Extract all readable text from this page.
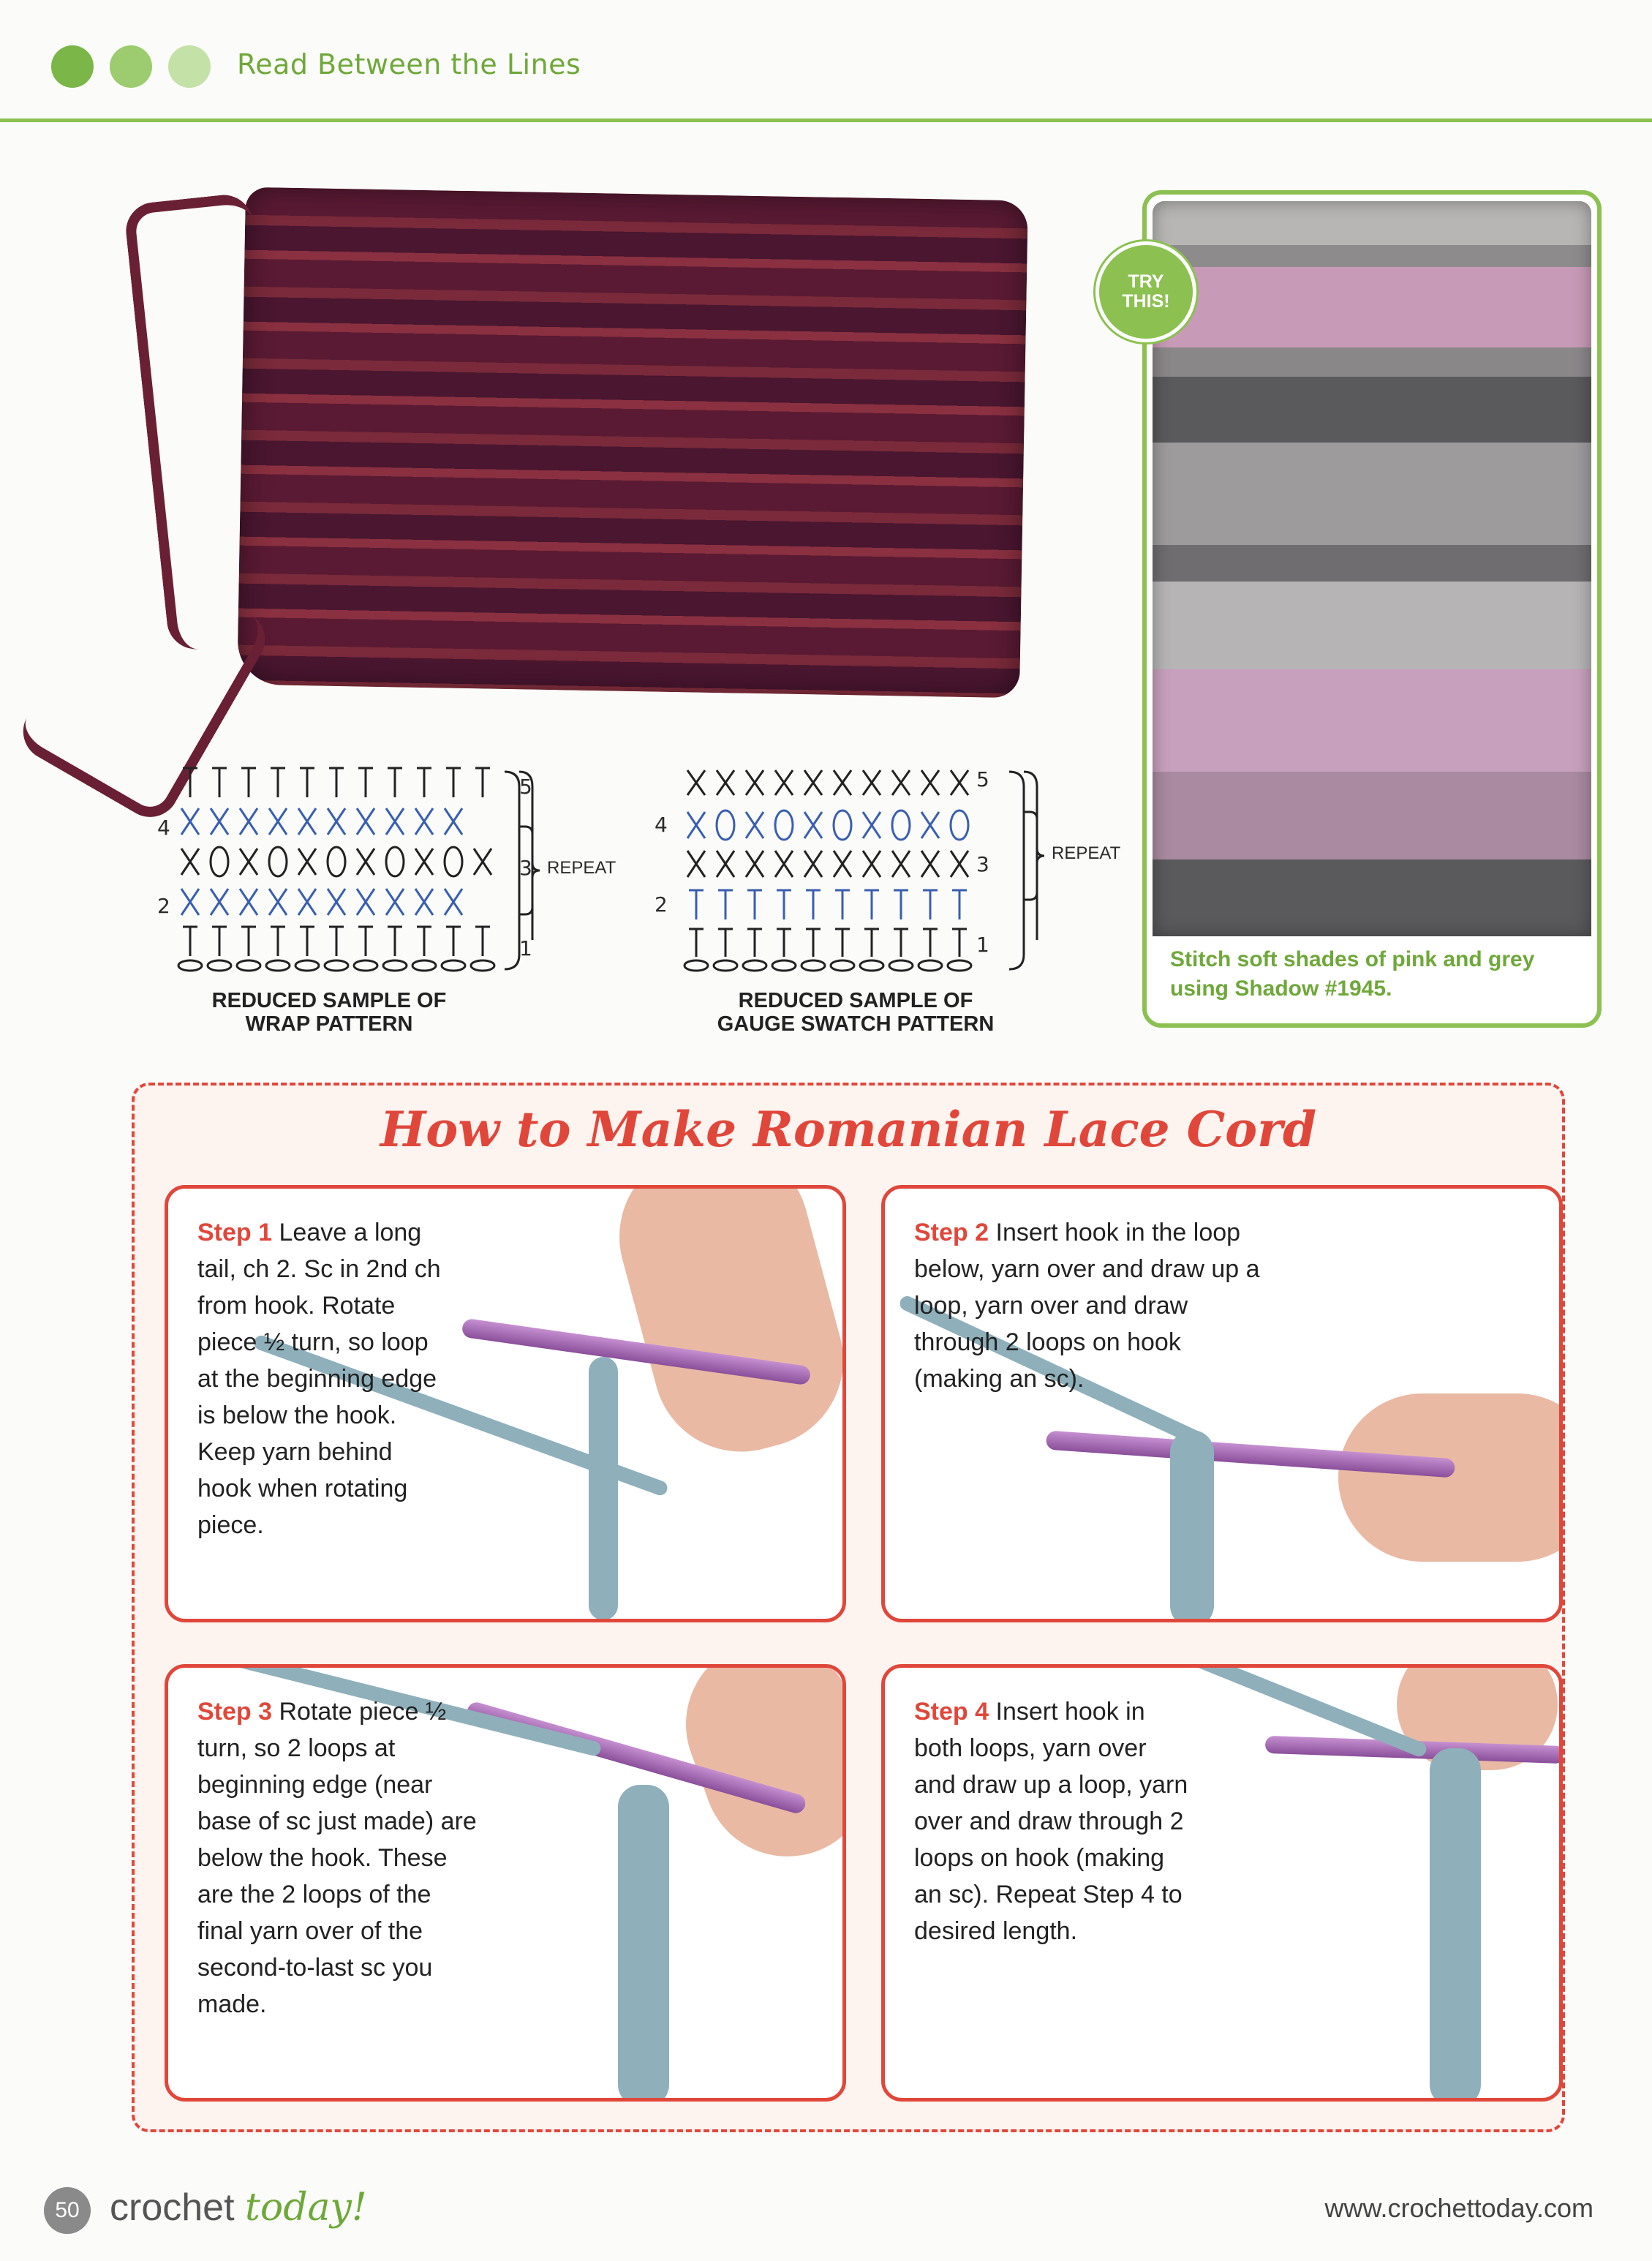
Read Between the Lines
5
4
3
2
1
REPEAT
REDUCED SAMPLE OF
WRAP PATTERN
5
4
3
2
1
REPEAT
REDUCED SAMPLE OF
GAUGE SWATCH PATTERN
TRY
THIS!
Stitch soft shades of pink and grey using Shadow #1945.
How to Make Romanian Lace Cord
Step 1 Leave a long tail, ch 2. Sc in 2nd ch from hook. Rotate piece ½ turn, so loop at the beginning edge is below the hook. Keep yarn behind hook when rotating piece.
Step 2 Insert hook in the loop below, yarn over and draw up a loop, yarn over and draw through 2 loops on hook (making an sc).
Step 3 Rotate piece ½ turn, so 2 loops at beginning edge (near base of sc just made) are below the hook. These are the 2 loops of the final yarn over of the second-to-last sc you made.
Step 4 Insert hook in both loops, yarn over and draw up a loop, yarn over and draw through 2 loops on hook (making an sc). Repeat Step 4 to desired length.
50 crochet today!	www.crochettoday.com
